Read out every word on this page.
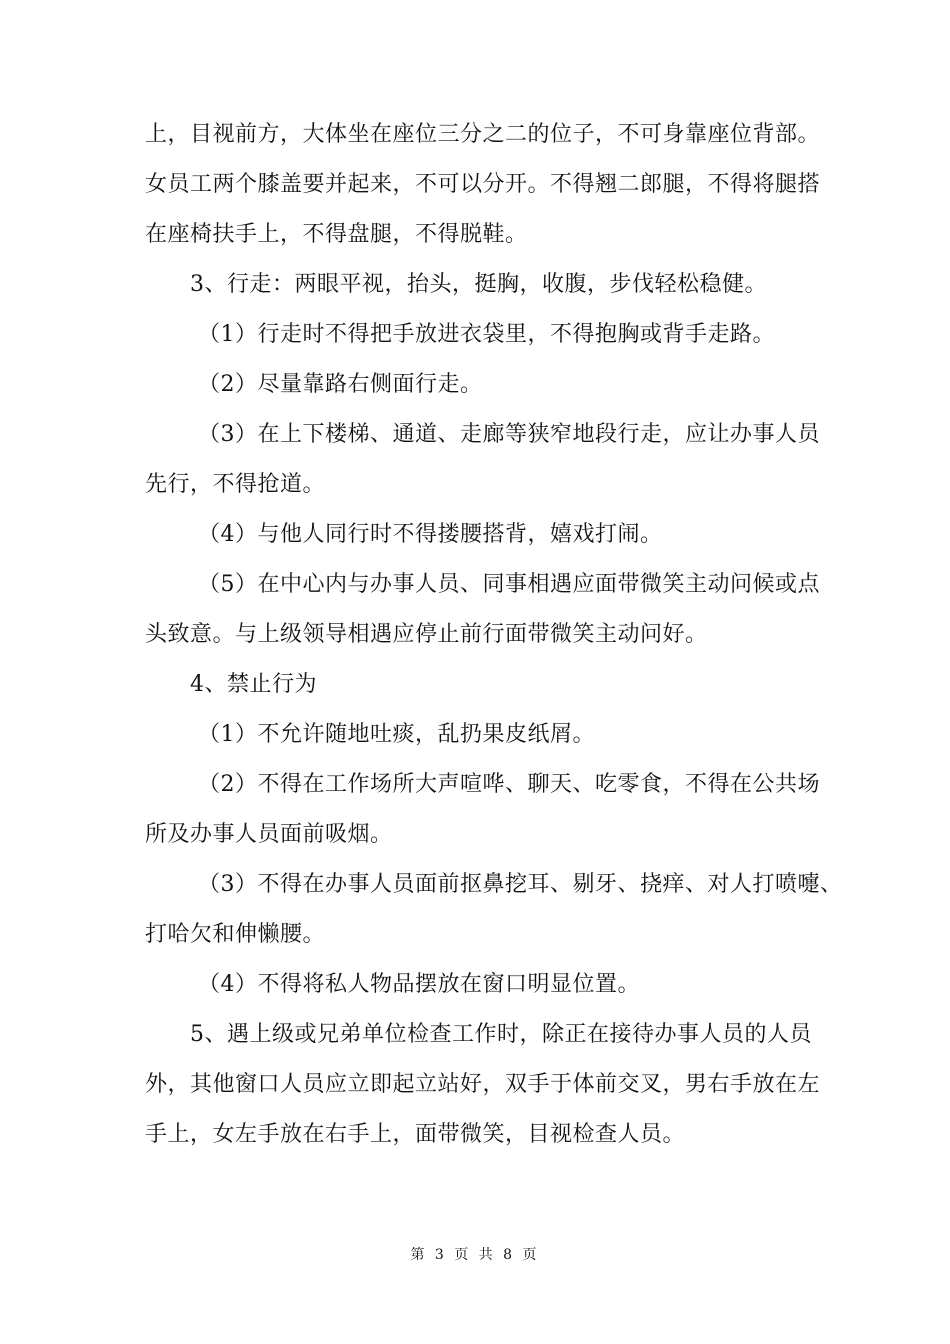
上，目视前方，大体坐在座位三分之二的位子，不可身靠座位背部。
女员工两个膝盖要并起来，不可以分开。不得翘二郎腿，不得将腿搭
在座椅扶手上，不得盘腿，不得脱鞋。
3、行走：两眼平视，抬头，挺胸，收腹，步伐轻松稳健。
（1）行走时不得把手放进衣袋里，不得抱胸或背手走路。
（2）尽量靠路右侧面行走。
（3）在上下楼梯、通道、走廊等狭窄地段行走，应让办事人员
先行，不得抢道。
（4）与他人同行时不得搂腰搭背，嬉戏打闹。
（5）在中心内与办事人员、同事相遇应面带微笑主动问候或点
头致意。与上级领导相遇应停止前行面带微笑主动问好。
4、禁止行为
（1）不允许随地吐痰，乱扔果皮纸屑。
（2）不得在工作场所大声喧哗、聊天、吃零食，不得在公共场
所及办事人员面前吸烟。
（3）不得在办事人员面前抠鼻挖耳、剔牙、挠痒、对人打喷嚏、
打哈欠和伸懒腰。
（4）不得将私人物品摆放在窗口明显位置。
5、遇上级或兄弟单位检查工作时，除正在接待办事人员的人员
外，其他窗口人员应立即起立站好，双手于体前交叉，男右手放在左
手上，女左手放在右手上，面带微笑，目视检查人员。
第 3 页 共 8 页
